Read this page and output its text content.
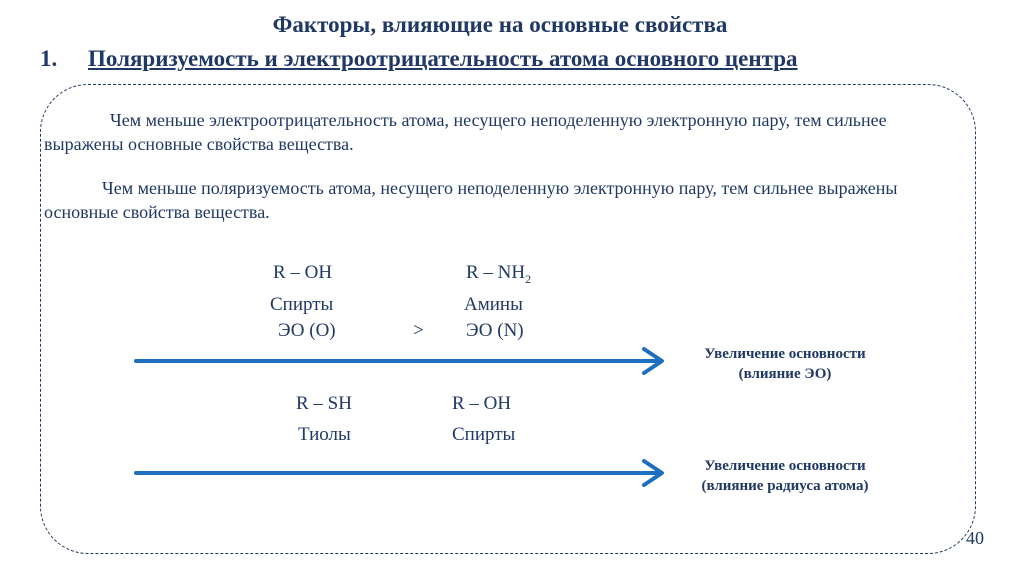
Факторы, влияющие на основные свойства
1. Поляризуемость и электроотрицательность атома основного центра
Чем меньше электроотрицательность атома, несущего неподеленную электронную пару, тем сильнее выражены основные свойства вещества.
Чем меньше поляризуемость атома, несущего неподеленную электронную пару, тем сильнее выражены основные свойства вещества.
R – OH	R – $NH_2$
Спирты	Амины
ЭО (О)	> ЭО (N)
Увеличение основности
(влияние ЭО)
R – SH	R – OH
Тиолы	Спирты
Увеличение основности
(влияние радиуса атома)
40
